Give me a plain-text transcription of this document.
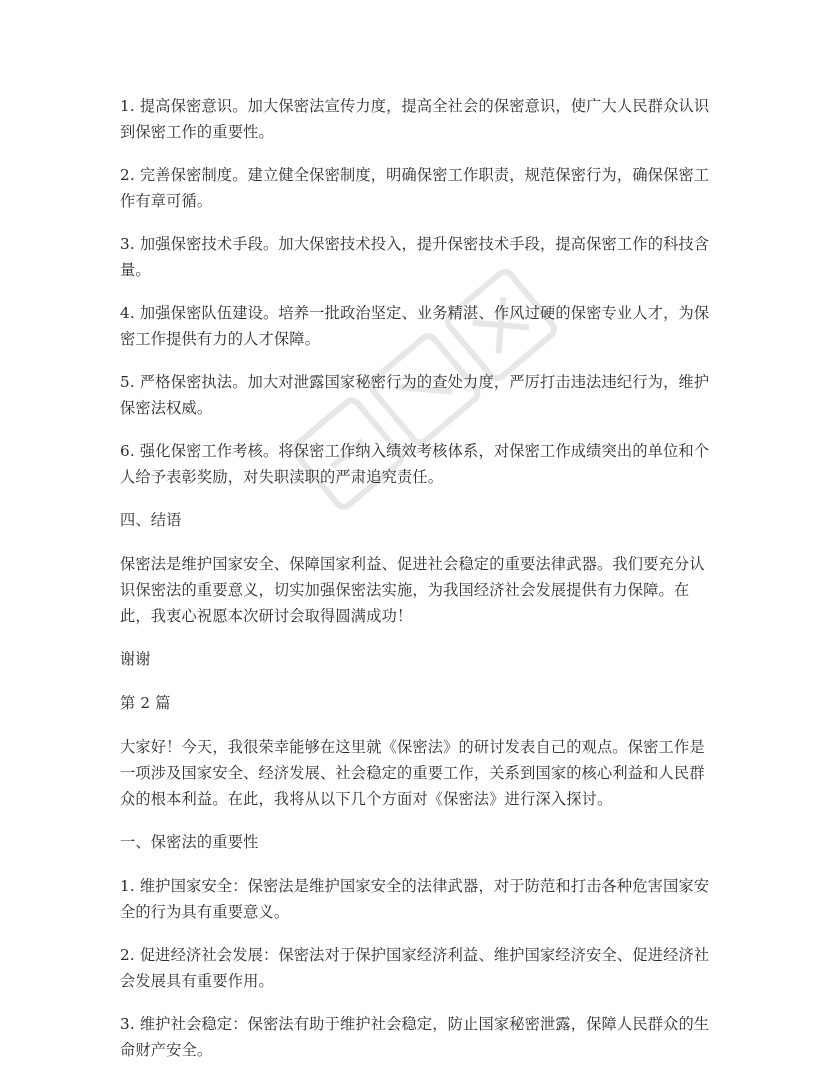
1. 提高保密意识。加大保密法宣传力度，提高全社会的保密意识，使广大人民群众认识到保密工作的重要性。

2. 完善保密制度。建立健全保密制度，明确保密工作职责，规范保密行为，确保保密工作有章可循。

3. 加强保密技术手段。加大保密技术投入，提升保密技术手段，提高保密工作的科技含量。

4. 加强保密队伍建设。培养一批政治坚定、业务精湛、作风过硬的保密专业人才，为保密工作提供有力的人才保障。

5. 严格保密执法。加大对泄露国家秘密行为的查处力度，严厉打击违法违纪行为，维护保密法权威。

6. 强化保密工作考核。将保密工作纳入绩效考核体系，对保密工作成绩突出的单位和个人给予表彰奖励，对失职渎职的严肃追究责任。

四、结语

保密法是维护国家安全、保障国家利益、促进社会稳定的重要法律武器。我们要充分认识保密法的重要意义，切实加强保密法实施，为我国经济社会发展提供有力保障。在此，我衷心祝愿本次研讨会取得圆满成功！

谢谢

第 2 篇

大家好！今天，我很荣幸能够在这里就《保密法》的研讨发表自己的观点。保密工作是一项涉及国家安全、经济发展、社会稳定的重要工作，关系到国家的核心利益和人民群众的根本利益。在此，我将从以下几个方面对《保密法》进行深入探讨。

一、保密法的重要性

1. 维护国家安全：保密法是维护国家安全的法律武器，对于防范和打击各种危害国家安全的行为具有重要意义。

2. 促进经济社会发展：保密法对于保护国家经济利益、维护国家经济安全、促进经济社会发展具有重要作用。

3. 维护社会稳定：保密法有助于维护社会稳定，防止国家秘密泄露，保障人民群众的生命财产安全。
